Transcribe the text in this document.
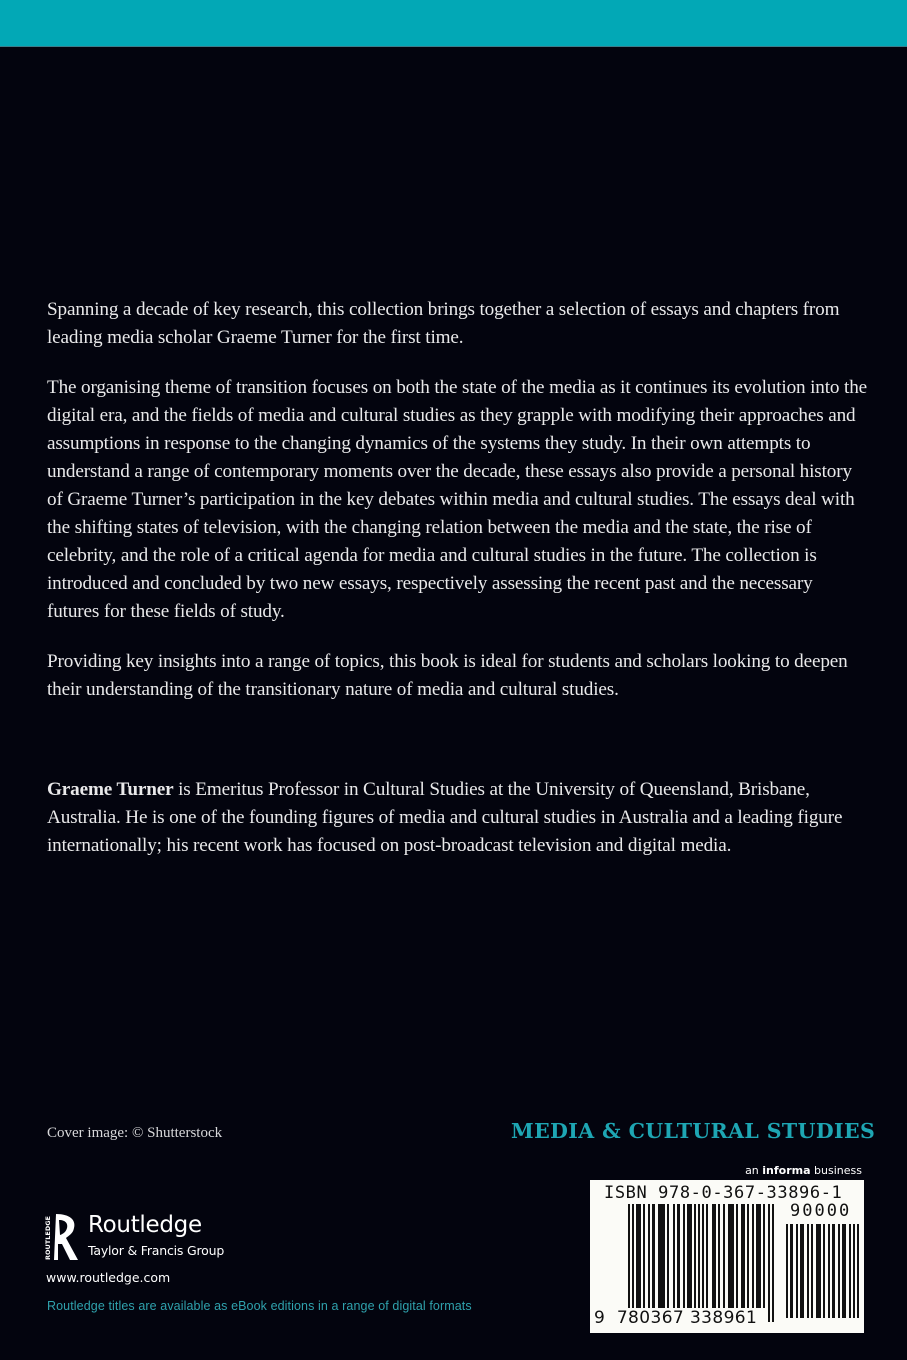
Spanning a decade of key research, this collection brings together a selection of essays and chapters from leading media scholar Graeme Turner for the first time.

The organising theme of transition focuses on both the state of the media as it continues its evolution into the digital era, and the fields of media and cultural studies as they grapple with modifying their approaches and assumptions in response to the changing dynamics of the systems they study. In their own attempts to understand a range of contemporary moments over the decade, these essays also provide a personal history of Graeme Turner’s participation in the key debates within media and cultural studies. The essays deal with the shifting states of television, with the changing relation between the media and the state, the rise of celebrity, and the role of a critical agenda for media and cultural studies in the future. The collection is introduced and concluded by two new essays, respectively assessing the recent past and the necessary futures for these fields of study.

Providing key insights into a range of topics, this book is ideal for students and scholars looking to deepen their understanding of the transitionary nature of media and cultural studies.

Graeme Turner is Emeritus Professor in Cultural Studies at the University of Queensland, Brisbane, Australia. He is one of the founding figures of media and cultural studies in Australia and a leading figure internationally; his recent work has focused on post-broadcast television and digital media.

Cover image: © Shutterstock	MEDIA & CULTURAL STUDIES
an informa business
ISBN 978-0-367-33896-1
90000
9 780367 338961
ROUTLEDGE Routledge
Taylor & Francis Group
www.routledge.com
Routledge titles are available as eBook editions in a range of digital formats
